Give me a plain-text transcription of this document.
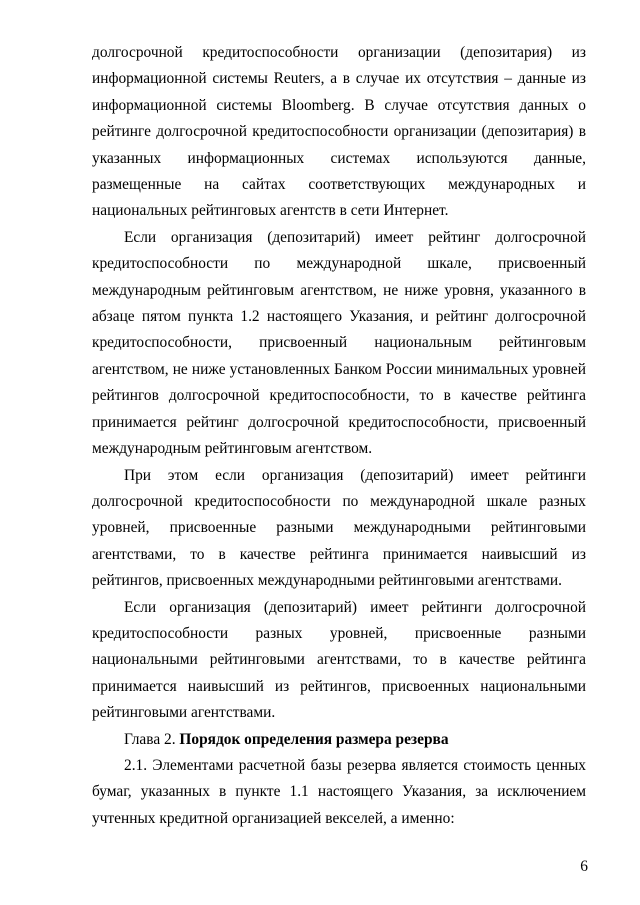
долгосрочной кредитоспособности организации (депозитария) из

информационной системы Reuters, а в случае их отсутствия – данные из

информационной системы Bloomberg. В случае отсутствия данных о

рейтинге долгосрочной кредитоспособности организации (депозитария) в

указанных информационных системах используются данные,

размещенные на сайтах соответствующих международных и

национальных рейтинговых агентств в сети Интернет.

Если организация (депозитарий) имеет рейтинг долгосрочной

кредитоспособности по международной шкале, присвоенный

международным рейтинговым агентством, не ниже уровня, указанного в

абзаце пятом пункта 1.2 настоящего Указания, и рейтинг долгосрочной

кредитоспособности, присвоенный национальным рейтинговым

агентством, не ниже установленных Банком России минимальных уровней

рейтингов долгосрочной кредитоспособности, то в качестве рейтинга

принимается рейтинг долгосрочной кредитоспособности, присвоенный

международным рейтинговым агентством.

При этом если организация (депозитарий) имеет рейтинги

долгосрочной кредитоспособности по международной шкале разных

уровней, присвоенные разными международными рейтинговыми

агентствами, то в качестве рейтинга принимается наивысший из

рейтингов, присвоенных международными рейтинговыми агентствами.

Если организация (депозитарий) имеет рейтинги долгосрочной

кредитоспособности разных уровней, присвоенные разными

национальными рейтинговыми агентствами, то в качестве рейтинга

принимается наивысший из рейтингов, присвоенных национальными

рейтинговыми агентствами.

Глава 2. Порядок определения размера резерва

2.1. Элементами расчетной базы резерва является стоимость ценных

бумаг, указанных в пункте 1.1 настоящего Указания, за исключением

учтенных кредитной организацией векселей, а именно:

6
